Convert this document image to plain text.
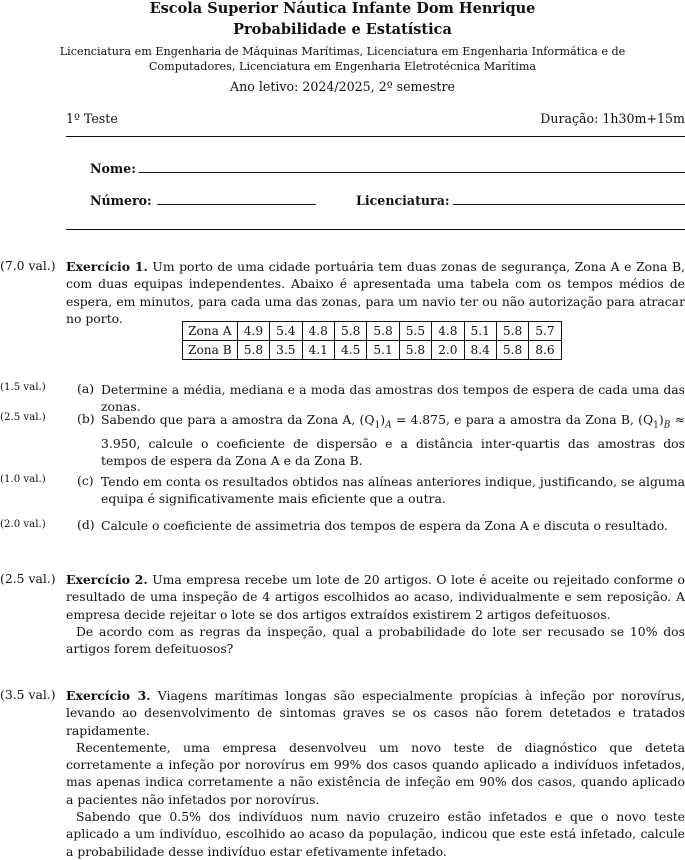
Escola Superior Náutica Infante Dom Henrique
Probabilidade e Estatística
Licenciatura em Engenharia de Máquinas Marítimas, Licenciatura em Engenharia Informática e de
Computadores, Licenciatura em Engenharia Eletrotécnica Marítima
Ano letivo: 2024/2025, 2º semestre
1º Teste	Duração: 1h30m+15m
Nome:
Número:	Licenciatura:
(7.0 val.) Exercício 1. Um porto de uma cidade portuária tem duas zonas de segurança, Zona A e Zona B, com duas equipas independentes. Abaixo é apresentada uma tabela com os tempos médios de espera, em minutos, para cada uma das zonas, para um navio ter ou não autorização para atracar no porto.
Zona A	4.9	5.4	4.8	5.8	5.8	5.5	4.8	5.1	5.8	5.7
Zona B	5.8	3.5	4.1	4.5	5.1	5.8	2.0	8.4	5.8	8.6
(1.5 val.)	(a) Determine a média, mediana e a moda das amostras dos tempos de espera de cada uma das zonas.
(2.5 val.)	(b) Sabendo que para a amostra da Zona A, $(Q_1)_A = 4.875$, e para a amostra da Zona B, $(Q_1)_B \approx 3.950$, calcule o coeficiente de dispersão e a distância inter-quartis das amostras dos tempos de espera da Zona A e da Zona B.
(1.0 val.)	(c) Tendo em conta os resultados obtidos nas alíneas anteriores indique, justificando, se alguma equipa é significativamente mais eficiente que a outra.
(2.0 val.)	(d) Calcule o coeficiente de assimetria dos tempos de espera da Zona A e discuta o resultado.
(2.5 val.) Exercício 2. Uma empresa recebe um lote de 20 artigos. O lote é aceite ou rejeitado conforme o resultado de uma inspeção de 4 artigos escolhidos ao acaso, individualmente e sem reposição. A empresa decide rejeitar o lote se dos artigos extraídos existirem 2 artigos defeituosos.
De acordo com as regras da inspeção, qual a probabilidade do lote ser recusado se 10% dos artigos forem defeituosos?
(3.5 val.) Exercício 3. Viagens marítimas longas são especialmente propícias à infeção por norovírus, levando ao desenvolvimento de sintomas graves se os casos não forem detetados e tratados rapidamente.
Recentemente, uma empresa desenvolveu um novo teste de diagnóstico que deteta corretamente a infeção por norovírus em 99% dos casos quando aplicado a indivíduos infetados, mas apenas indica corretamente a não existência de infeção em 90% dos casos, quando aplicado a pacientes não infetados por norovírus.
Sabendo que 0.5% dos indivíduos num navio cruzeiro estão infetados e que o novo teste aplicado a um indivíduo, escolhido ao acaso da população, indicou que este está infetado, calcule a probabilidade desse indivíduo estar efetivamente infetado.
